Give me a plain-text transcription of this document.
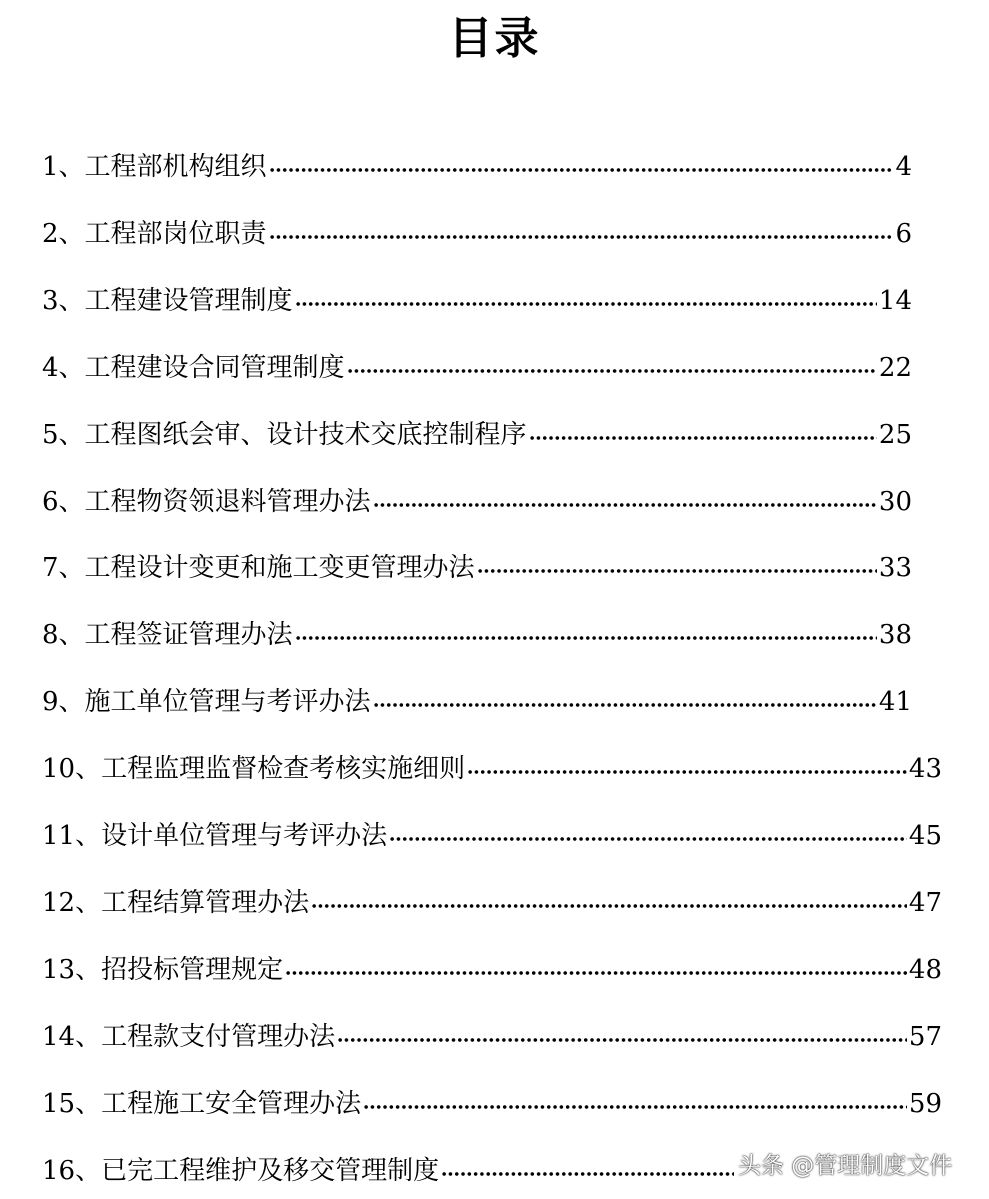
目录
1、工程部机构组织	4
2、工程部岗位职责	6
3、工程建设管理制度	14
4、工程建设合同管理制度	22
5、工程图纸会审、设计技术交底控制程序	25
6、工程物资领退料管理办法	30
7、工程设计变更和施工变更管理办法	33
8、工程签证管理办法	38
9、施工单位管理与考评办法	41
10、工程监理监督检查考核实施细则	43
11、设计单位管理与考评办法	45
12、工程结算管理办法	47
13、招投标管理规定	48
14、工程款支付管理办法	57
15、工程施工安全管理办法	59
16、已完工程维护及移交管理制度	头条 @管理制度文件
